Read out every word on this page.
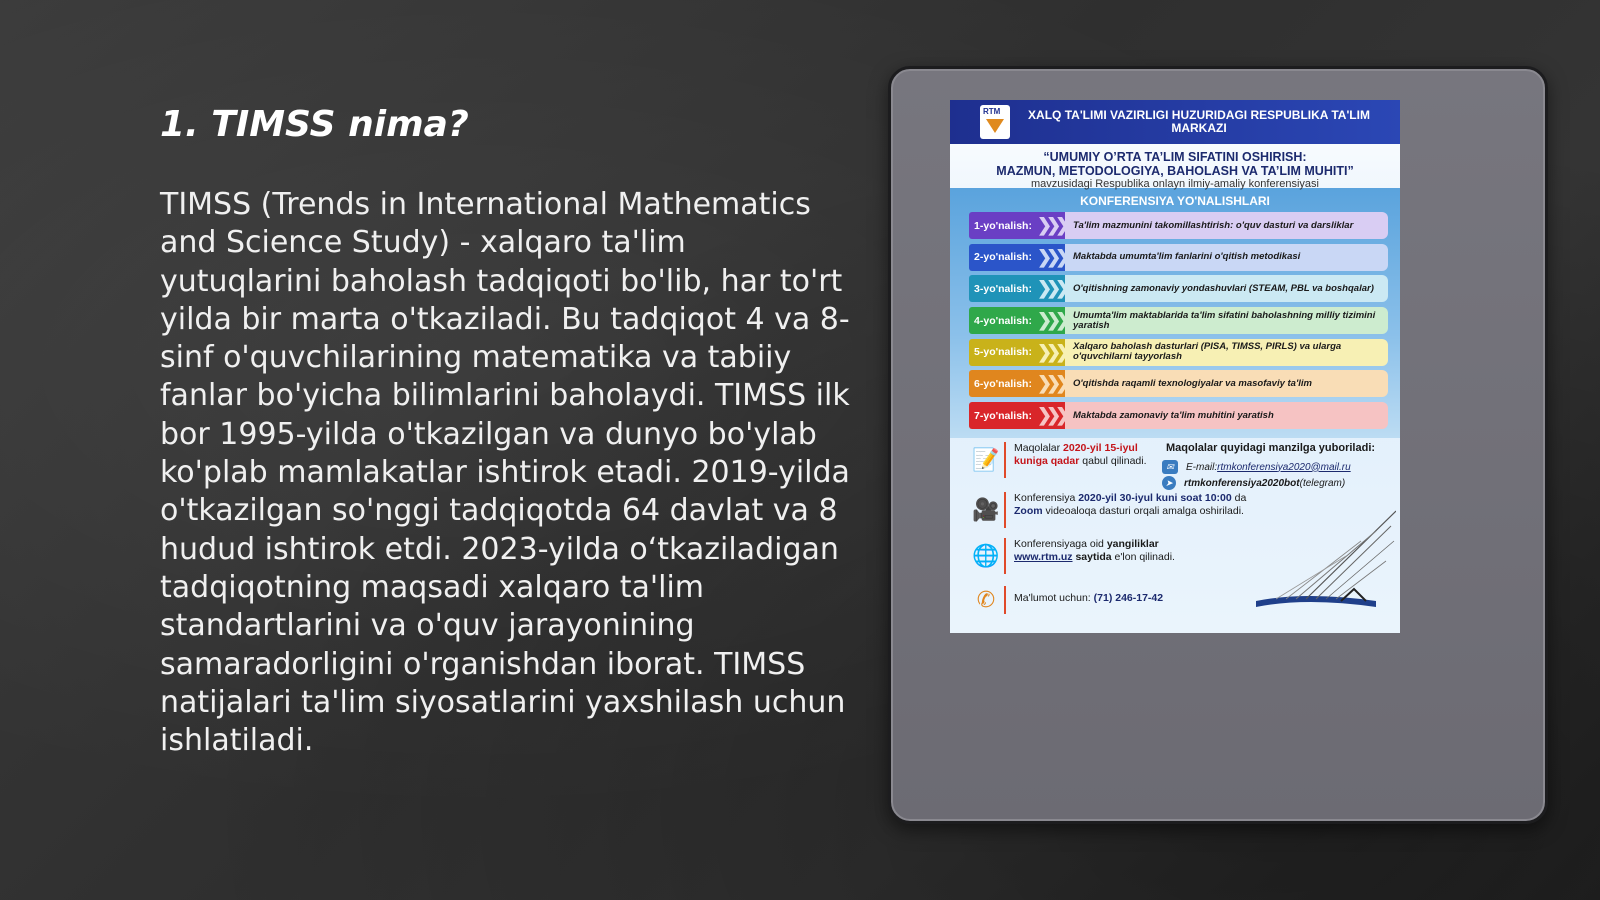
1. TIMSS nima?

TIMSS (Trends in International Mathematics and Science Study) - xalqaro ta'lim yutuqlarini baholash tadqiqoti bo'lib, har to'rt yilda bir marta o'tkaziladi. Bu tadqiqot 4 va 8-sinf o'quvchilarining matematika va tabiiy fanlar bo'yicha bilimlarini baholaydi. TIMSS ilk bor 1995-yilda o'tkazilgan va dunyo bo'ylab ko'plab mamlakatlar ishtirok etadi. 2019-yilda o'tkazilgan so'nggi tadqiqotda 64 davlat va 8 hudud ishtirok etdi. 2023-yilda o‘tkaziladigan tadqiqotning maqsadi xalqaro ta'lim standartlarini va o'quv jarayonining samaradorligini o'rganishdan iborat. TIMSS natijalari ta'lim siyosatlarini yaxshilash uchun ishlatiladi.

RTM	XALQ TA'LIMI VAZIRLIGI HUZURIDAGI RESPUBLIKA TA'LIM MARKAZI
“UMUMIY O’RTA TA’LIM SIFATINI OSHIRISH:
MAZMUN, METODOLOGIYA, BAHOLASH VA TA’LIM MUHITI”
mavzusidagi Respublika onlayn ilmiy-amaliy konferensiyasi
KONFERENSIYA YO'NALISHLARI
1-yo'nalish: ❯❯❯ Ta'lim mazmunini takomillashtirish: o'quv dasturi va darsliklar
2-yo'nalish: ❯❯❯ Maktabda umumta'lim fanlarini o'qitish metodikasi
3-yo'nalish: ❯❯❯ O'qitishning zamonaviy yondashuvlari (STEAM, PBL va boshqalar)
4-yo'nalish: ❯❯❯ Umumta'lim maktablarida ta'lim sifatini baholashning milliy tizimini yaratish
5-yo'nalish: ❯❯❯ Xalqaro baholash dasturlari (PISA, TIMSS, PIRLS) va ularga o'quvchilarni tayyorlash
6-yo'nalish: ❯❯❯ O'qitishda raqamli texnologiyalar va masofaviy ta'lim
7-yo'nalish: ❯❯❯ Maktabda zamonaviy ta'lim muhitini yaratish
📝	Maqolalar 2020-yil 15-iyul kuniga qadar qabul qilinadi.
Maqolalar quyidagi manzilga yuboriladi:
✉	E-mail: rtmkonferensiya2020@mail.ru
➤	rtmkonferensiya2020bot (telegram)
🎥	Konferensiya 2020-yil 30-iyul kuni soat 10:00 da
Zoom videoaloqa dasturi orqali amalga oshiriladi.
🌐	Konferensiyaga oid yangiliklar
www.rtm.uz saytida e'lon qilinadi.
✆	Ma'lumot uchun: (71) 246-17-42
